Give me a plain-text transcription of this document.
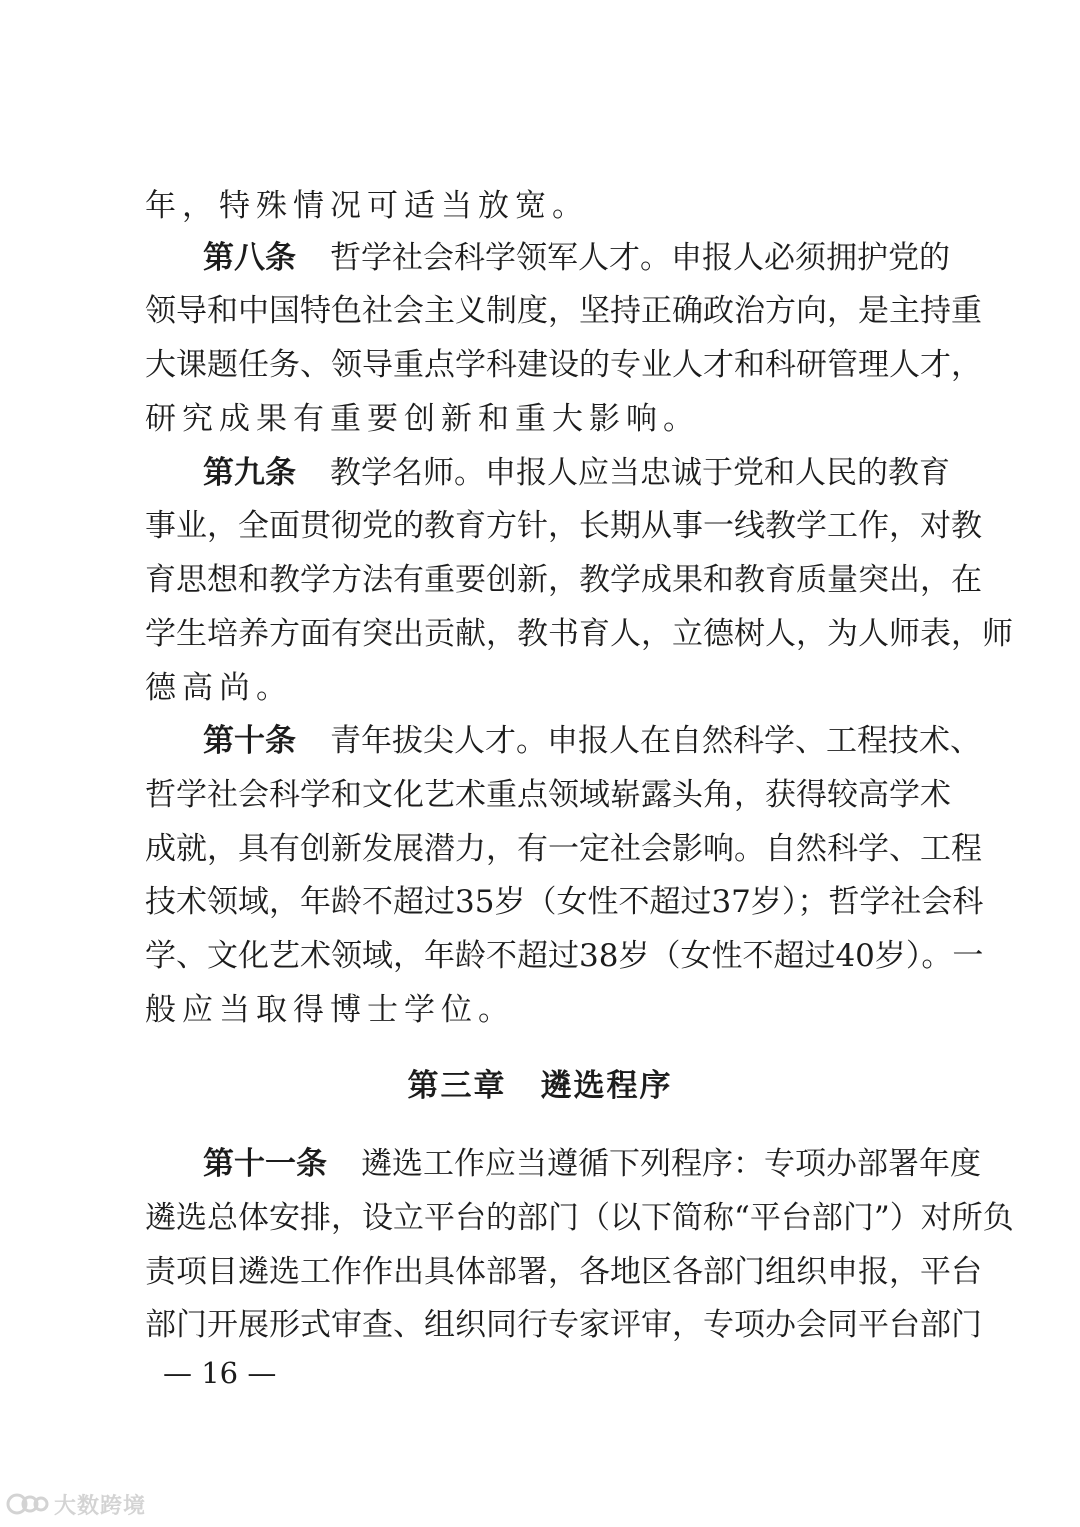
年，特殊情况可适当放宽。
第八条 哲学社会科学领军人才。申报人必须拥护党的
领导和中国特色社会主义制度，坚持正确政治方向，是主持重
大课题任务、领导重点学科建设的专业人才和科研管理人才，
研究成果有重要创新和重大影响。
第九条 教学名师。申报人应当忠诚于党和人民的教育
事业，全面贯彻党的教育方针，长期从事一线教学工作，对教
育思想和教学方法有重要创新，教学成果和教育质量突出，在
学生培养方面有突出贡献，教书育人，立德树人，为人师表，师
德高尚。
第十条 青年拔尖人才。申报人在自然科学、工程技术、
哲学社会科学和文化艺术重点领域崭露头角，获得较高学术
成就，具有创新发展潜力，有一定社会影响。自然科学、工程
技术领域，年龄不超过35岁（女性不超过37岁）；哲学社会科
学、文化艺术领域，年龄不超过38岁（女性不超过40岁）。一
般应当取得博士学位。
第三章 遴选程序
第十一条 遴选工作应当遵循下列程序：专项办部署年度
遴选总体安排，设立平台的部门（以下简称“平台部门”）对所负
责项目遴选工作作出具体部署，各地区各部门组织申报，平台
部门开展形式审查、组织同行专家评审，专项办会同平台部门
— 16 —
大数跨境
